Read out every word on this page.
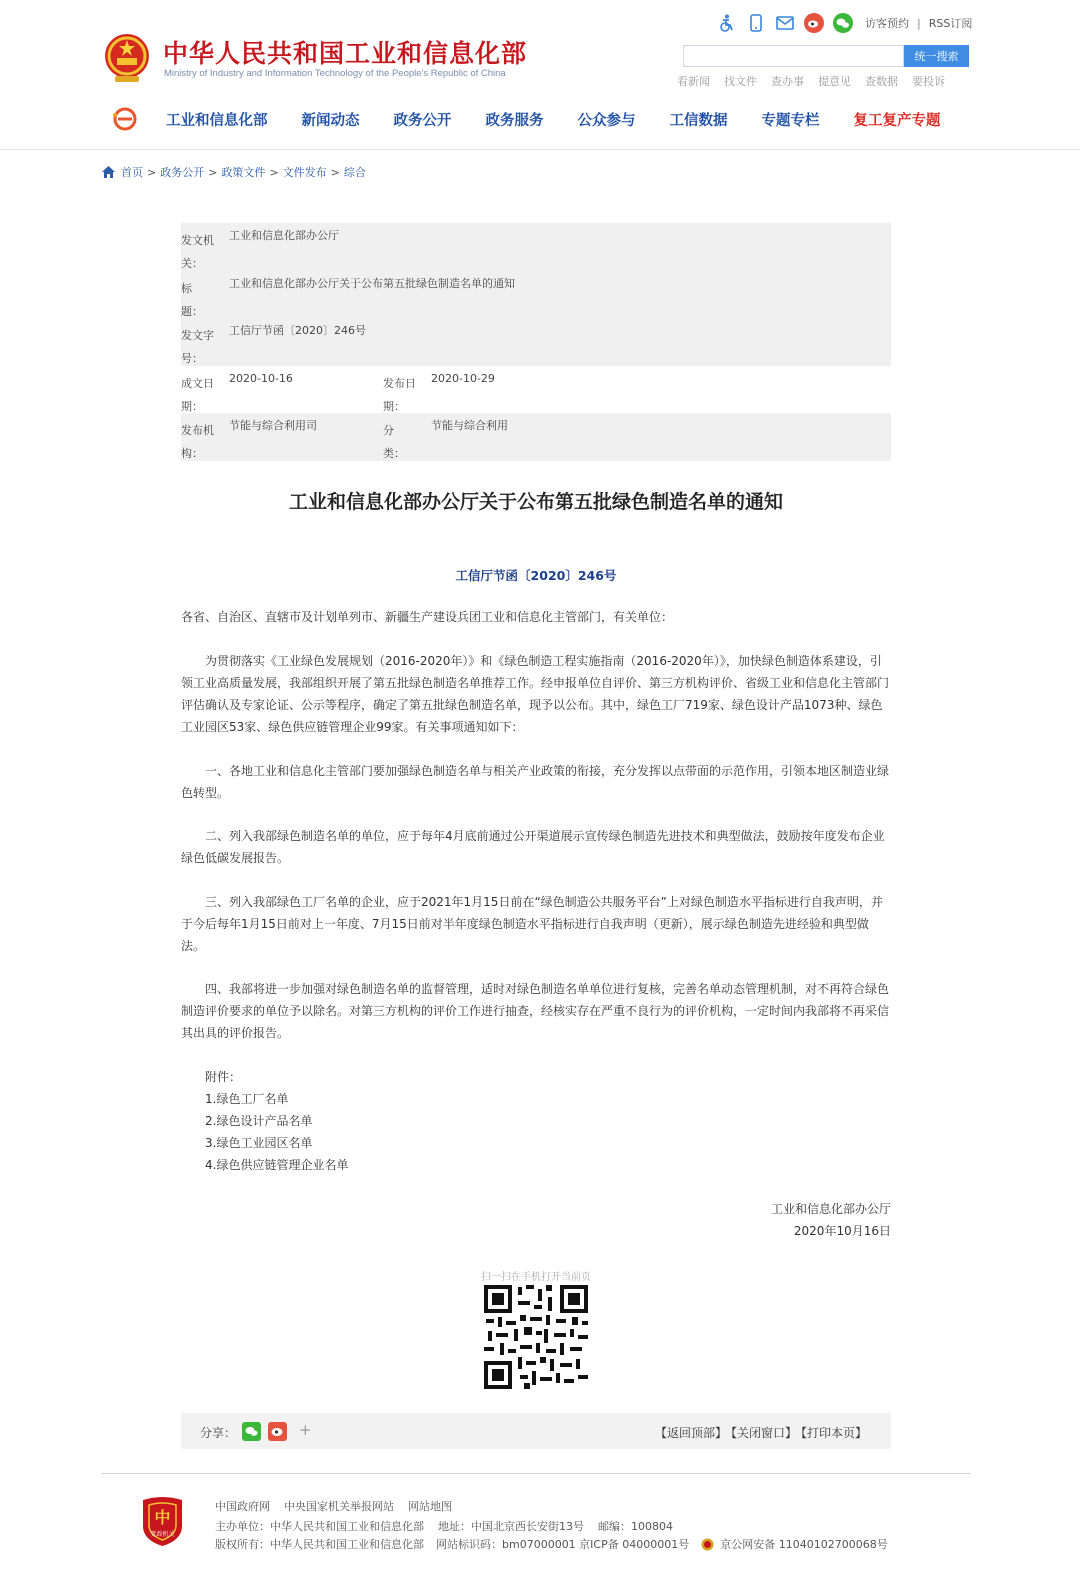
中华人民共和国工业和信息化部
Ministry of Industry and Information Technology of the People's Republic of China
访客预约 | RSS订阅
统一搜索
看新闻 找文件 查办事 提意见 查数据 要投诉
工业和信息化部 新闻动态 政务公开 政务服务 公众参与 工信数据 专题专栏 复工复产专题
首页 > 政务公开 > 政策文件 > 文件发布 > 综合
发文机关：
工业和信息化部办公厅
标　　题：
工业和信息化部办公厅关于公布第五批绿色制造名单的通知
发文字号：
工信厅节函〔2020〕246号
成文日期：
2020-10-16	发布日期：
2020-10-29
发布机构：
节能与综合利用司	分　　类：
节能与综合利用
工业和信息化部办公厅关于公布第五批绿色制造名单的通知
工信厅节函〔2020〕246号
各省、自治区、直辖市及计划单列市、新疆生产建设兵团工业和信息化主管部门，有关单位：
为贯彻落实《工业绿色发展规划（2016-2020年）》和《绿色制造工程实施指南（2016-2020年）》，加快绿色制造体系建设，引领工业高质量发展，我部组织开展了第五批绿色制造名单推荐工作。经申报单位自评价、第三方机构评价、省级工业和信息化主管部门评估确认及专家论证、公示等程序，确定了第五批绿色制造名单，现予以公布。其中，绿色工厂719家、绿色设计产品1073种、绿色工业园区53家、绿色供应链管理企业99家。有关事项通知如下：
一、各地工业和信息化主管部门要加强绿色制造名单与相关产业政策的衔接，充分发挥以点带面的示范作用，引领本地区制造业绿色转型。
二、列入我部绿色制造名单的单位，应于每年4月底前通过公开渠道展示宣传绿色制造先进技术和典型做法，鼓励按年度发布企业绿色低碳发展报告。
三、列入我部绿色工厂名单的企业，应于2021年1月15日前在“绿色制造公共服务平台”上对绿色制造水平指标进行自我声明，并于今后每年1月15日前对上一年度、7月15日前对半年度绿色制造水平指标进行自我声明（更新），展示绿色制造先进经验和典型做法。
四、我部将进一步加强对绿色制造名单的监督管理，适时对绿色制造名单单位进行复核，完善名单动态管理机制，对不再符合绿色制造评价要求的单位予以除名。对第三方机构的评价工作进行抽查，经核实存在严重不良行为的评价机构，一定时间内我部将不再采信其出具的评价报告。
附件：
1.绿色工厂名单
2.绿色设计产品名单
3.绿色工业园区名单
4.绿色供应链管理企业名单
工业和信息化部办公厅
2020年10月16日
扫一扫在手机打开当前页
分享：	+	【返回顶部】 【关闭窗口】 【打印本页】
中
党政机关
中国政府网 中央国家机关举报网站 网站地图
主办单位：中华人民共和国工业和信息化部 地址：中国北京西长安街13号 邮编：100804
版权所有：中华人民共和国工业和信息化部 网站标识码：bm07000001 京ICP备 04000001号	京公网安备 11040102700068号
